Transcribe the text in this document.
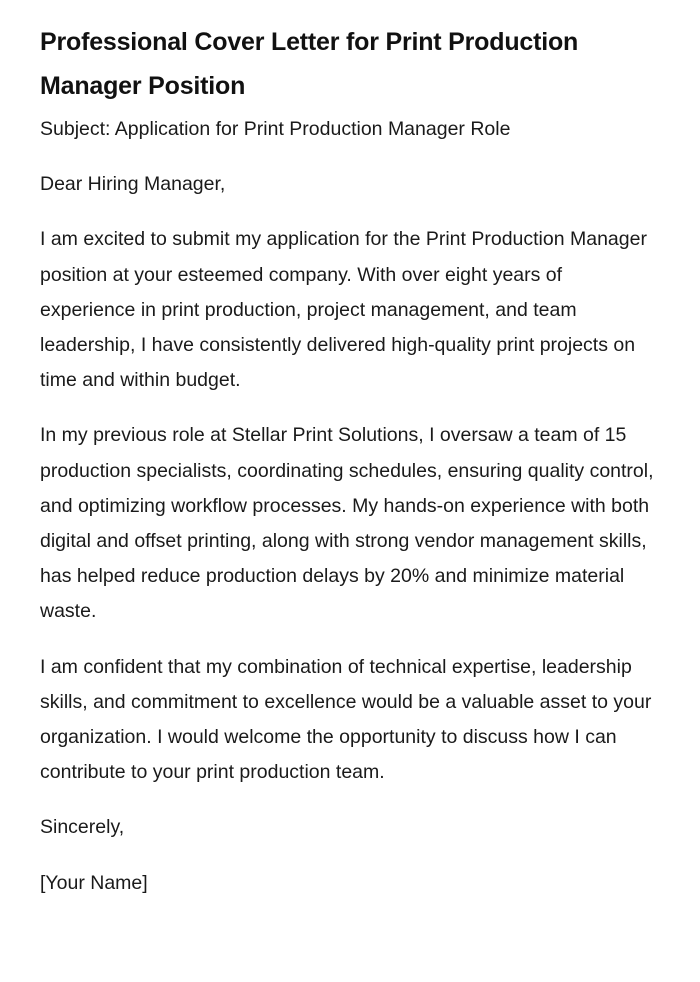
Professional Cover Letter for Print Production Manager Position

Subject: Application for Print Production Manager Role

Dear Hiring Manager,

I am excited to submit my application for the Print Production Manager position at your esteemed company. With over eight years of experience in print production, project management, and team leadership, I have consistently delivered high-quality print projects on time and within budget.

In my previous role at Stellar Print Solutions, I oversaw a team of 15 production specialists, coordinating schedules, ensuring quality control, and optimizing workflow processes. My hands-on experience with both digital and offset printing, along with strong vendor management skills, has helped reduce production delays by 20% and minimize material waste.

I am confident that my combination of technical expertise, leadership skills, and commitment to excellence would be a valuable asset to your organization. I would welcome the opportunity to discuss how I can contribute to your print production team.

Sincerely,

[Your Name]
